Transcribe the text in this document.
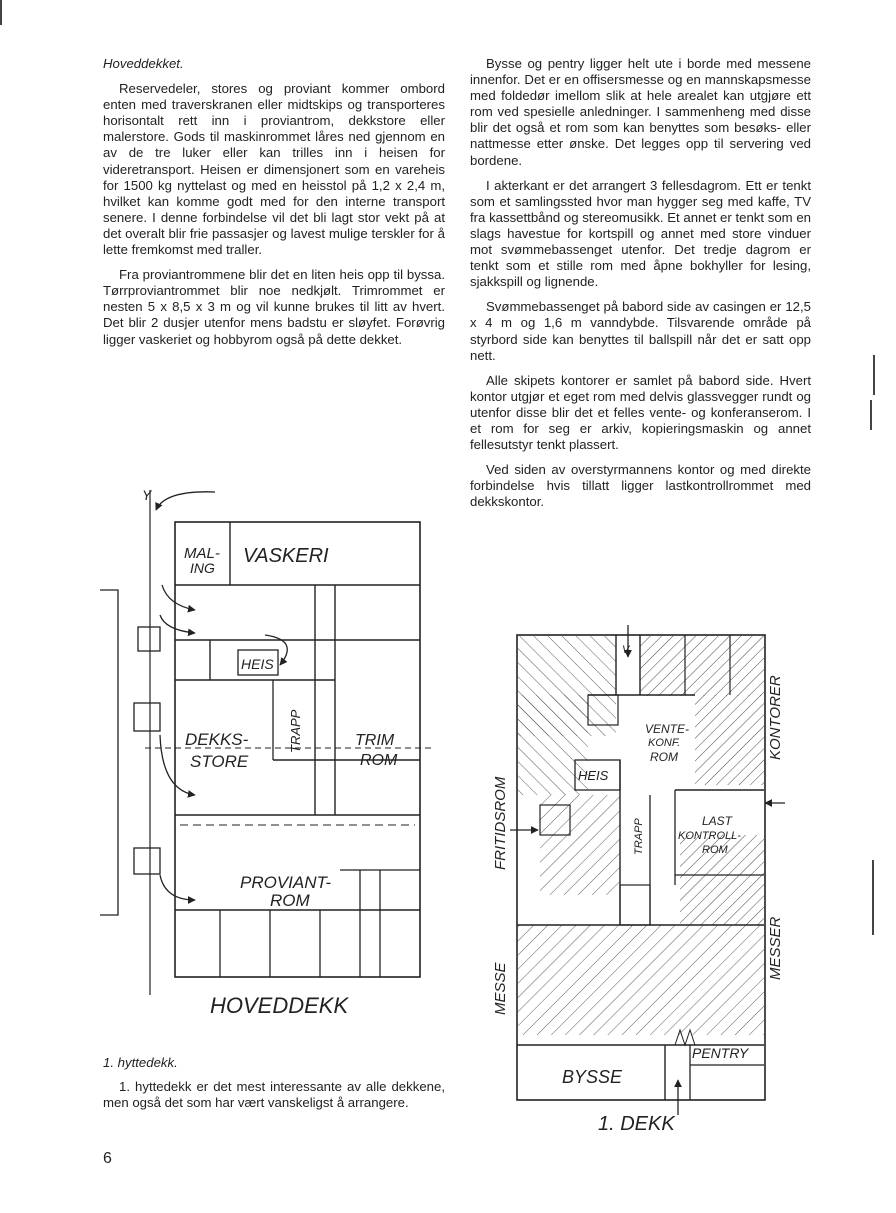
Hoveddekket.

Reservedeler, stores og proviant kommer ombord enten med traverskranen eller midtskips og transporteres horisontalt rett inn i proviantrom, dekkstore eller malerstore. Gods til maskinrommet låres ned gjennom en av de tre luker eller kan trilles inn i heisen for videretransport. Heisen er dimensjonert som en vareheis for 1500 kg nyttelast og med en heisstol på 1,2 x 2,4 m, hvilket kan komme godt med for den interne transport senere. I denne forbindelse vil det bli lagt stor vekt på at det overalt blir frie passasjer og lavest mulige terskler for å lette fremkomst med traller.

Fra proviantrommene blir det en liten heis opp til byssa. Tørrproviantrommet blir noe nedkjølt. Trimrommet er nesten 5 x 8,5 x 3 m og vil kunne brukes til litt av hvert. Det blir 2 dusjer utenfor mens badstu er sløyfet. Forøvrig ligger vaskeriet og hobbyrom også på dette dekket.

Bysse og pentry ligger helt ute i borde med messene innenfor. Det er en offisersmesse og en mannskapsmesse med foldedør imellom slik at hele arealet kan utgjøre ett rom ved spesielle anledninger. I sammenheng med disse blir det også et rom som kan benyttes som besøks- eller nattmesse etter ønske. Det legges opp til servering ved bordene.

I akterkant er det arrangert 3 fellesdagrom. Ett er tenkt som et samlingssted hvor man hygger seg med kaffe, TV fra kassettbånd og stereomusikk. Et annet er tenkt som en slags havestue for kortspill og annet med store vinduer mot svømmebassenget utenfor. Det tredje dagrom er tenkt som et stille rom med åpne bokhyller for lesing, sjakkspill og lignende.

Svømmebassenget på babord side av casingen er 12,5 x 4 m og 1,6 m vanndybde. Tilsvarende område på styrbord side kan benyttes til ballspill når det er satt opp nett.

Alle skipets kontorer er samlet på babord side. Hvert kontor utgjør et eget rom med delvis glassvegger rundt og utenfor disse blir det et felles vente- og konferanserom. I et rom for seg er arkiv, kopieringsmaskin og annet fellesutstyr tenkt plassert.

Ved siden av overstyrmannens kontor og med direkte forbindelse hvis tillatt ligger lastkontrollrommet med dekkskontor.

Y
MAL-
ING
VASKERI
HEIS
TRAPP
DEKKS-
STORE
TRIM
ROM
PROVIANT-
ROM
HOVEDDEKK

1. hyttedekk.

1. hyttedekk er det mest interessante av alle dekkene, men også det som har vært vanskeligst å arrangere.

6
V
VENTE-
KONF.
ROM
HEIS
TRAPP	LAST
KONTROLL-
ROM
BYSSE
PENTRY
KONTORER
FRITIDSROM
MESSE
MESSER
1. DEKK
